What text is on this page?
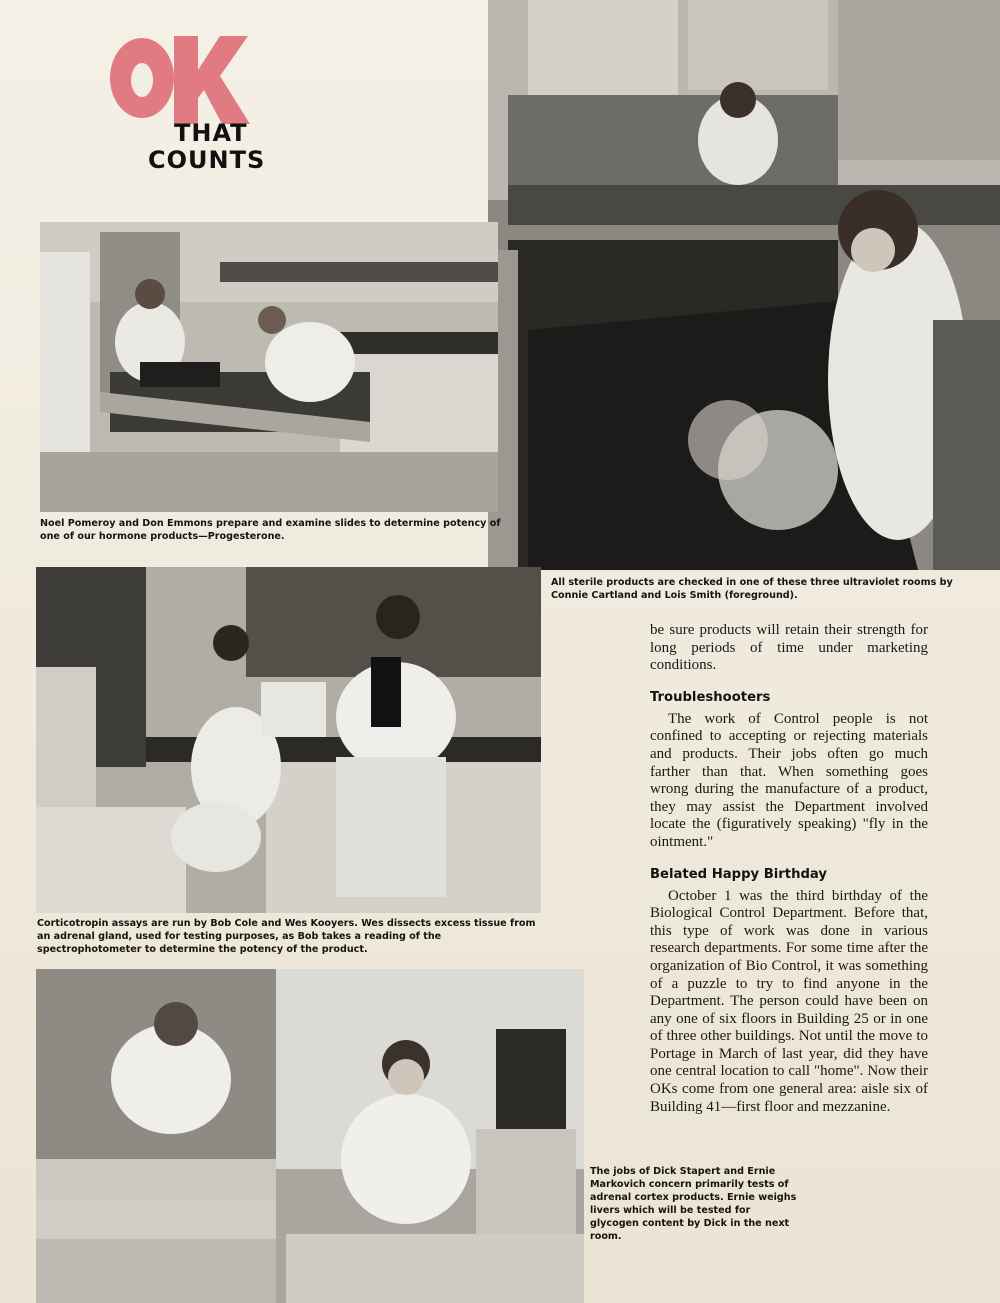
THAT
COUNTS

Noel Pomeroy and Don Emmons prepare and examine slides to determine potency of one of our hormone products—Progesterone.

All sterile products are checked in one of these three ultraviolet rooms by Connie Cartland and Lois Smith (foreground).

Corticotropin assays are run by Bob Cole and Wes Kooyers. Wes dissects excess tissue from an adrenal gland, used for testing purposes, as Bob takes a reading of the spectrophotometer to determine the potency of the product.

The jobs of Dick Stapert and Ernie Markovich concern primarily tests of adrenal cortex products. Ernie weighs livers which will be tested for glycogen content by Dick in the next room.

be sure products will retain their strength for long periods of time under marketing conditions.

Troubleshooters

The work of Control people is not confined to accepting or rejecting materials and products. Their jobs often go much farther than that. When something goes wrong during the manufacture of a product, they may assist the Department involved locate the (figuratively speaking) "fly in the ointment."

Belated Happy Birthday

October 1 was the third birthday of the Biological Control Department. Before that, this type of work was done in various research departments. For some time after the organization of Bio Control, it was something of a puzzle to try to find anyone in the Department. The person could have been on any one of six floors in Building 25 or in one of three other buildings. Not until the move to Portage in March of last year, did they have one central location to call "home". Now their OKs come from one general area: aisle six of Building 41—first floor and mezzanine.
